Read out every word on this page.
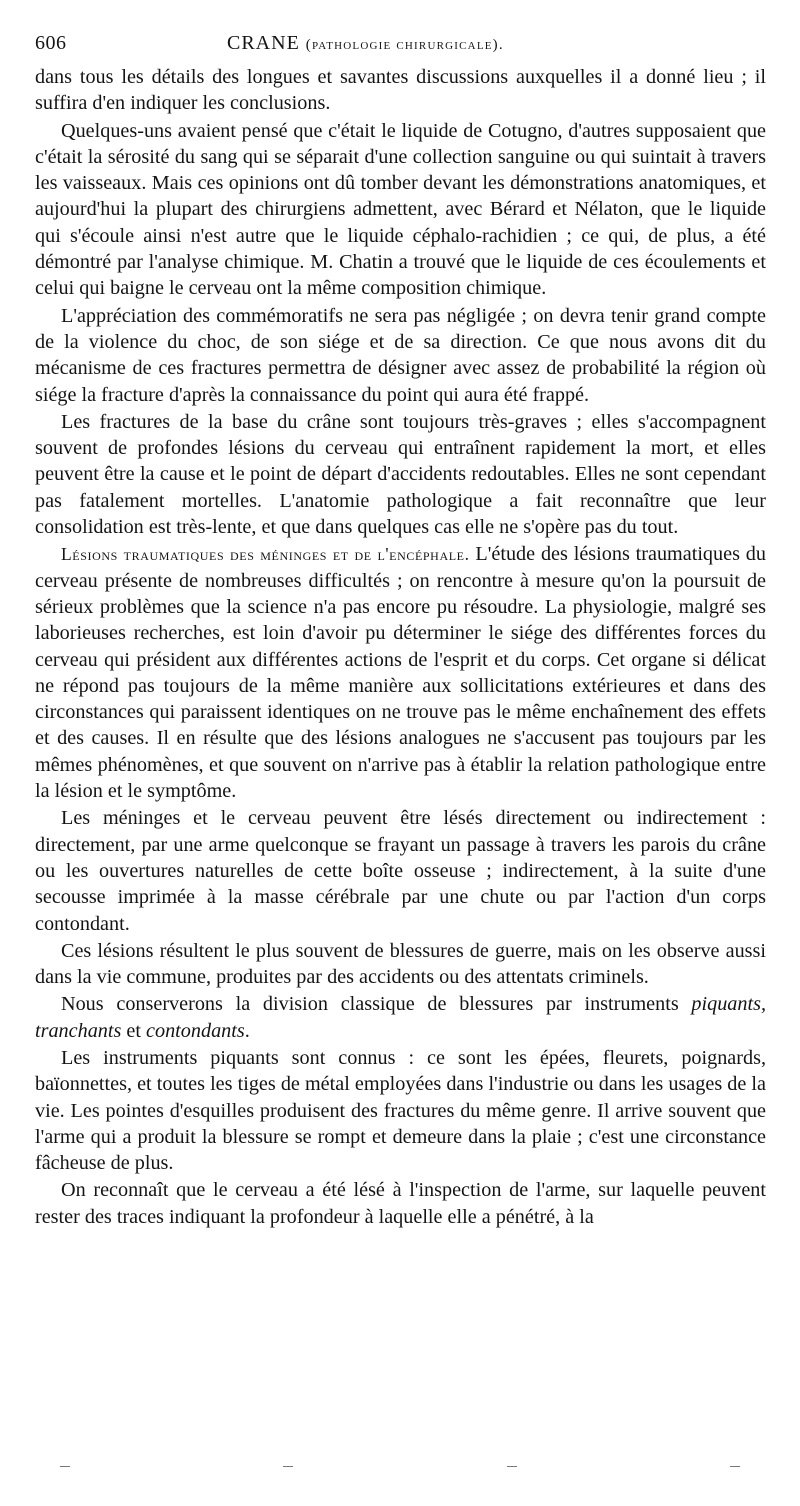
606	CRANE (pathologie chirurgicale).

dans tous les détails des longues et savantes discussions auxquelles il a donné lieu ; il suffira d'en indiquer les conclusions.

Quelques-uns avaient pensé que c'était le liquide de Cotugno, d'autres supposaient que c'était la sérosité du sang qui se séparait d'une collection sanguine ou qui suintait à travers les vaisseaux. Mais ces opinions ont dû tomber devant les démonstrations anatomiques, et aujourd'hui la plupart des chirurgiens admettent, avec Bérard et Nélaton, que le liquide qui s'écoule ainsi n'est autre que le liquide céphalo-rachidien ; ce qui, de plus, a été démontré par l'analyse chimique. M. Chatin a trouvé que le liquide de ces écoulements et celui qui baigne le cerveau ont la même composition chimique.

L'appréciation des commémoratifs ne sera pas négligée ; on devra tenir grand compte de la violence du choc, de son siége et de sa direction. Ce que nous avons dit du mécanisme de ces fractures permettra de désigner avec assez de probabilité la région où siége la fracture d'après la connaissance du point qui aura été frappé.

Les fractures de la base du crâne sont toujours très-graves ; elles s'accompagnent souvent de profondes lésions du cerveau qui entraînent rapidement la mort, et elles peuvent être la cause et le point de départ d'accidents redoutables. Elles ne sont cependant pas fatalement mortelles. L'anatomie pathologique a fait reconnaître que leur consolidation est très-lente, et que dans quelques cas elle ne s'opère pas du tout.

Lésions traumatiques des méninges et de l'encéphale. L'étude des lésions traumatiques du cerveau présente de nombreuses difficultés ; on rencontre à mesure qu'on la poursuit de sérieux problèmes que la science n'a pas encore pu résoudre. La physiologie, malgré ses laborieuses recherches, est loin d'avoir pu déterminer le siége des différentes forces du cerveau qui président aux différentes actions de l'esprit et du corps. Cet organe si délicat ne répond pas toujours de la même manière aux sollicitations extérieures et dans des circonstances qui paraissent identiques on ne trouve pas le même enchaînement des effets et des causes. Il en résulte que des lésions analogues ne s'accusent pas toujours par les mêmes phénomènes, et que souvent on n'arrive pas à établir la relation pathologique entre la lésion et le symptôme.

Les méninges et le cerveau peuvent être lésés directement ou indirectement : directement, par une arme quelconque se frayant un passage à travers les parois du crâne ou les ouvertures naturelles de cette boîte osseuse ; indirectement, à la suite d'une secousse imprimée à la masse cérébrale par une chute ou par l'action d'un corps contondant.

Ces lésions résultent le plus souvent de blessures de guerre, mais on les observe aussi dans la vie commune, produites par des accidents ou des attentats criminels.

Nous conserverons la division classique de blessures par instruments piquants, tranchants et contondants.

Les instruments piquants sont connus : ce sont les épées, fleurets, poignards, baïonnettes, et toutes les tiges de métal employées dans l'industrie ou dans les usages de la vie. Les pointes d'esquilles produisent des fractures du même genre. Il arrive souvent que l'arme qui a produit la blessure se rompt et demeure dans la plaie ; c'est une circonstance fâcheuse de plus.

On reconnaît que le cerveau a été lésé à l'inspection de l'arme, sur laquelle peuvent rester des traces indiquant la profondeur à laquelle elle a pénétré, à la
